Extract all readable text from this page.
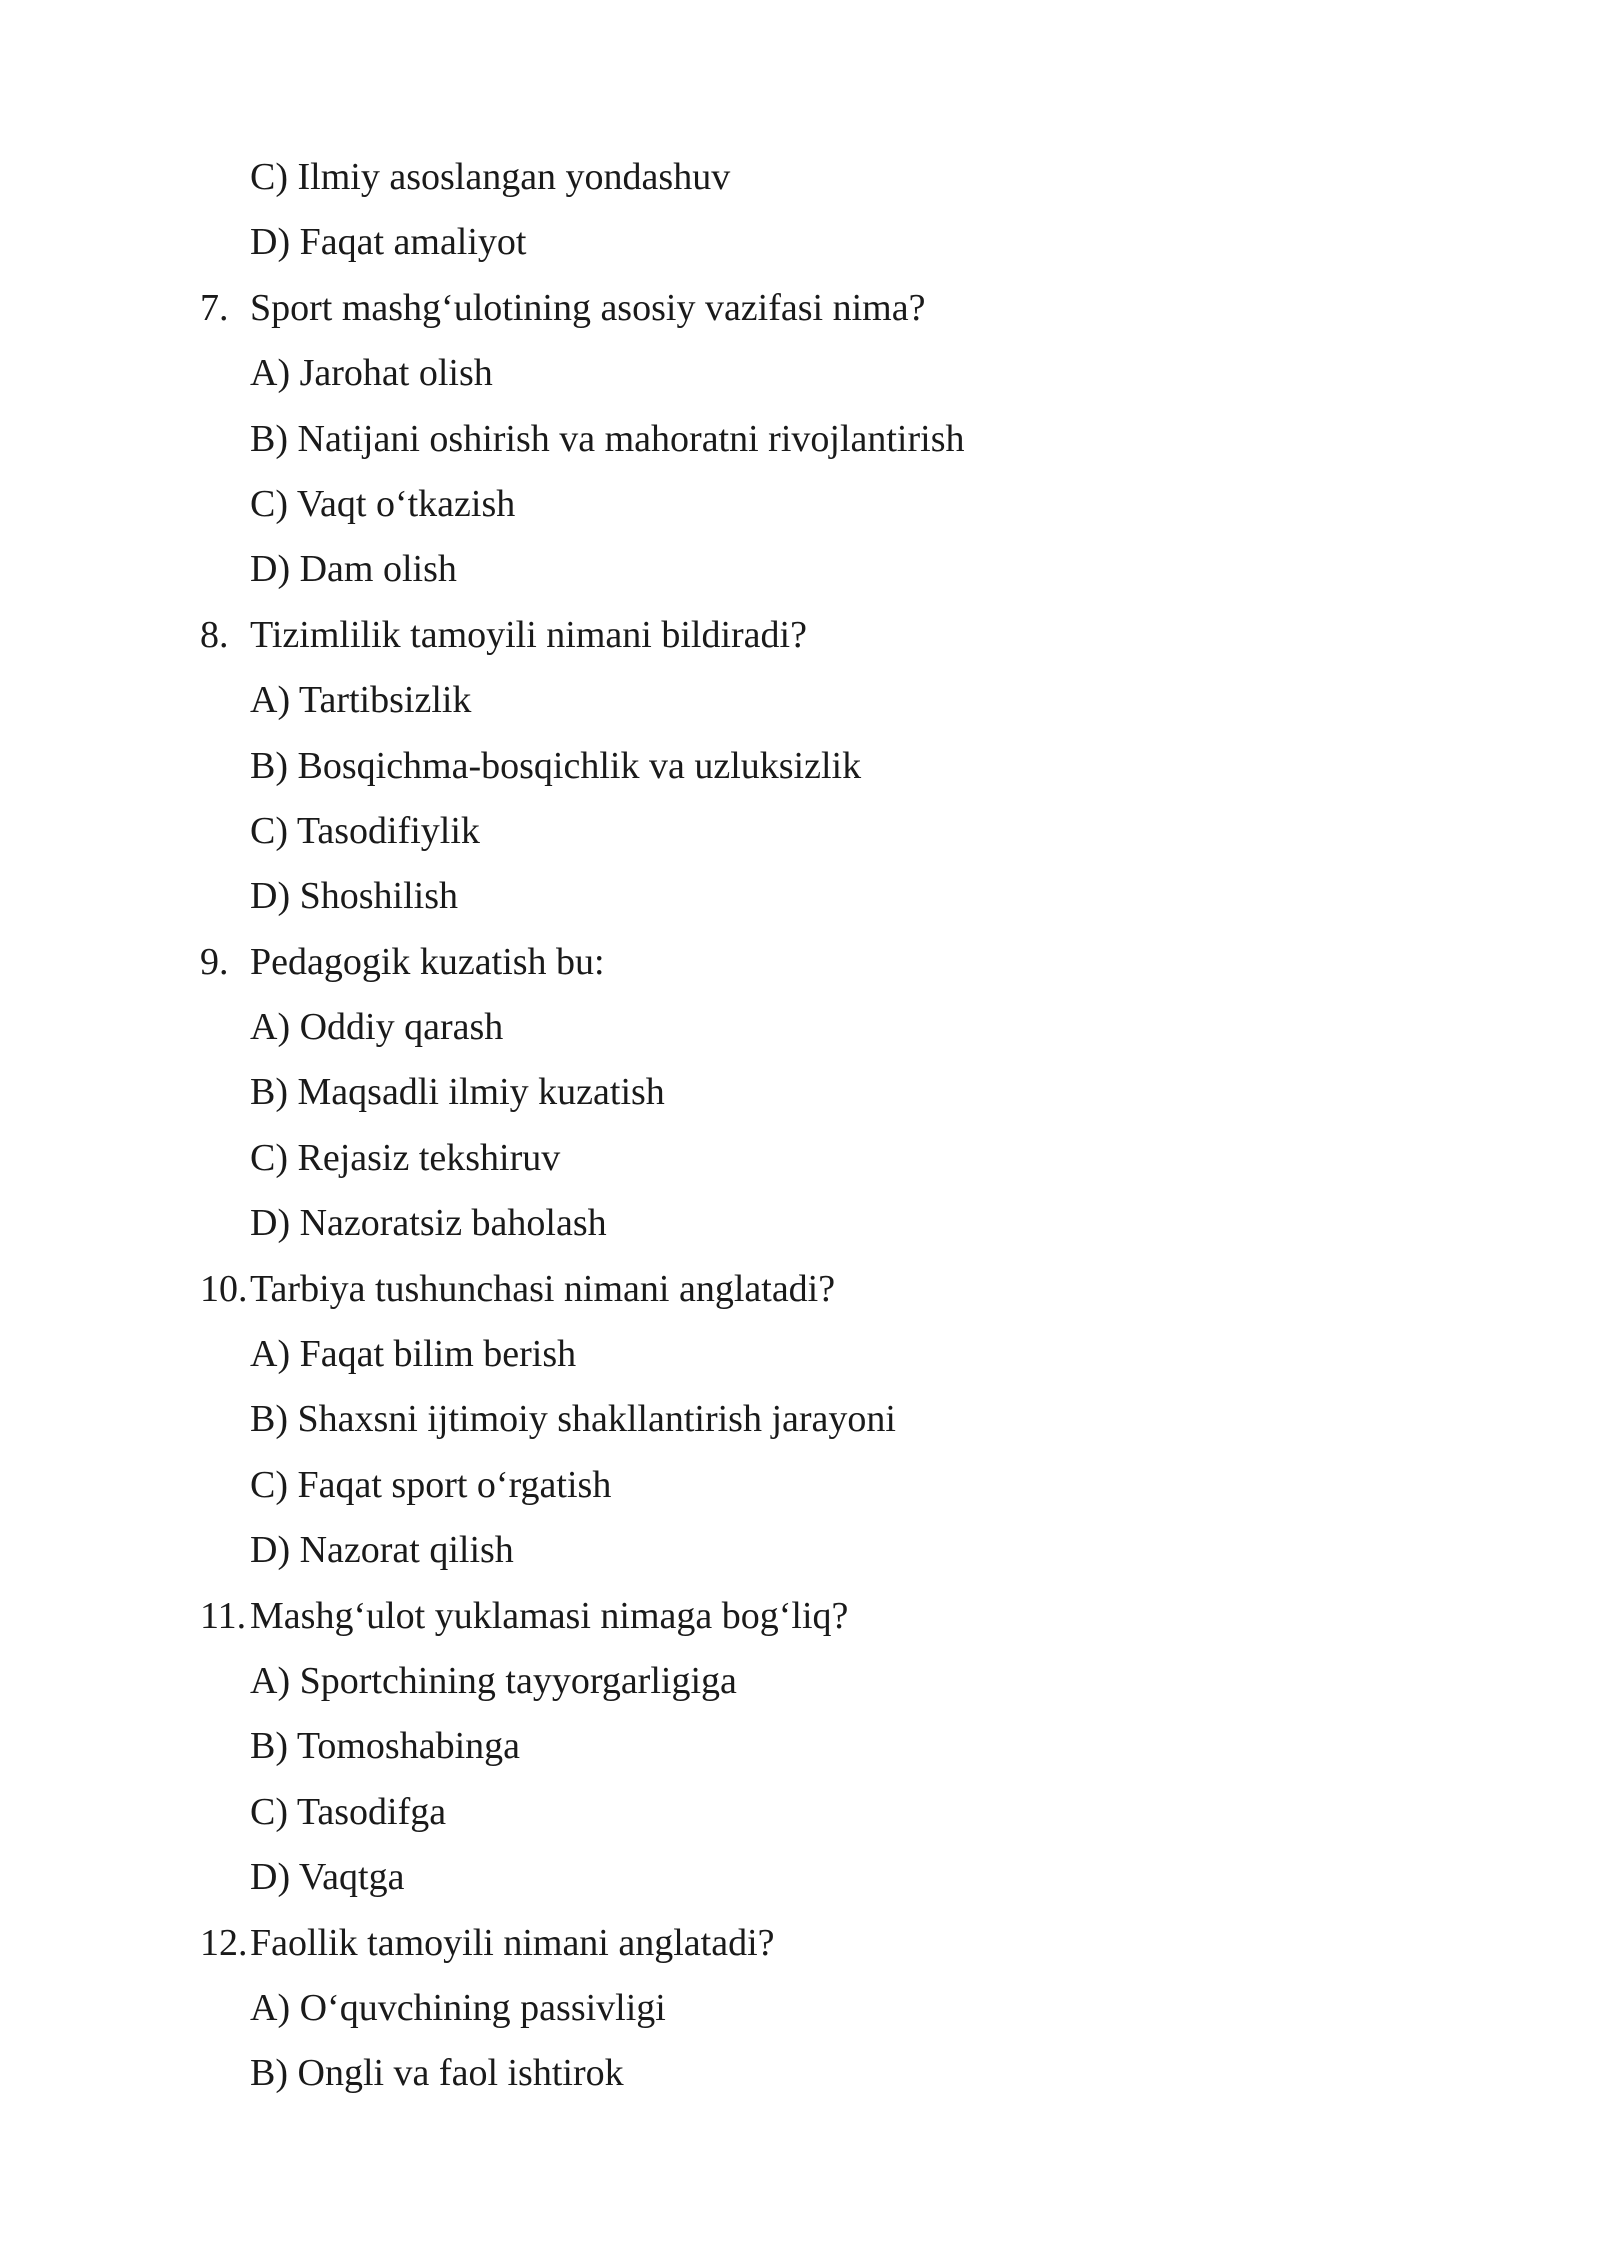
C) Ilmiy asoslangan yondashuv
D) Faqat amaliyot
7. Sport mashg‘ulotining asosiy vazifasi nima?
A) Jarohat olish
B) Natijani oshirish va mahoratni rivojlantirish
C) Vaqt o‘tkazish
D) Dam olish
8. Tizimlilik tamoyili nimani bildiradi?
A) Tartibsizlik
B) Bosqichma-bosqichlik va uzluksizlik
C) Tasodifiylik
D) Shoshilish
9. Pedagogik kuzatish bu:
A) Oddiy qarash
B) Maqsadli ilmiy kuzatish
C) Rejasiz tekshiruv
D) Nazoratsiz baholash
10. Tarbiya tushunchasi nimani anglatadi?
A) Faqat bilim berish
B) Shaxsni ijtimoiy shakllantirish jarayoni
C) Faqat sport o‘rgatish
D) Nazorat qilish
11. Mashg‘ulot yuklamasi nimaga bog‘liq?
A) Sportchining tayyorgarligiga
B) Tomoshabinga
C) Tasodifga
D) Vaqtga
12. Faollik tamoyili nimani anglatadi?
A) O‘quvchining passivligi
B) Ongli va faol ishtirok
